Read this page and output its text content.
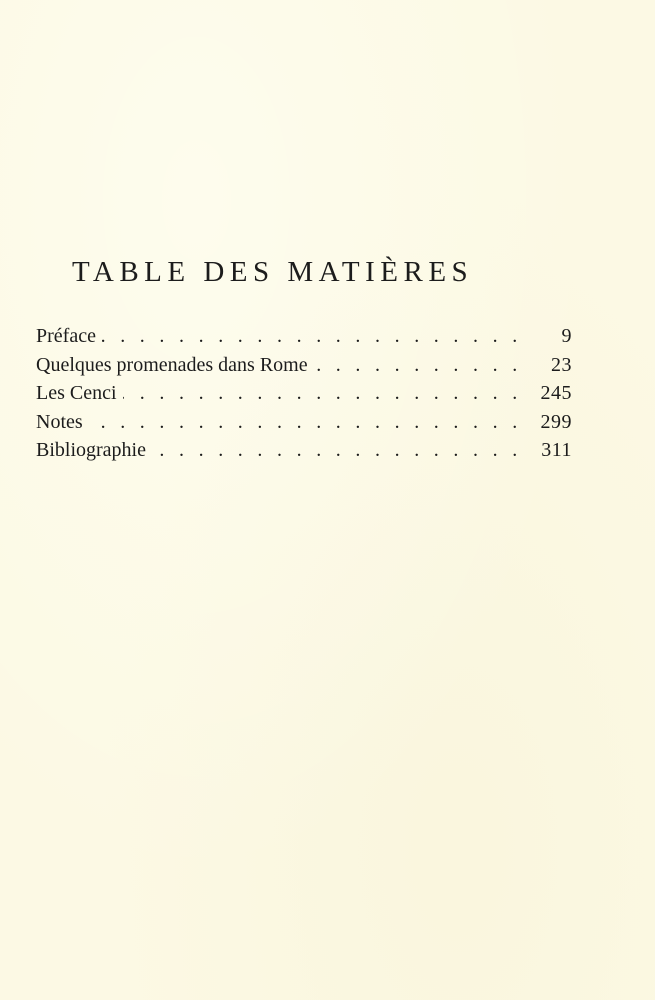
TABLE DES MATIÈRES
Préface . . .	9
Quelques promenades dans Rome . . .	23
Les Cenci . . .	245
Notes . . .	299
Bibliographie . . .	311
